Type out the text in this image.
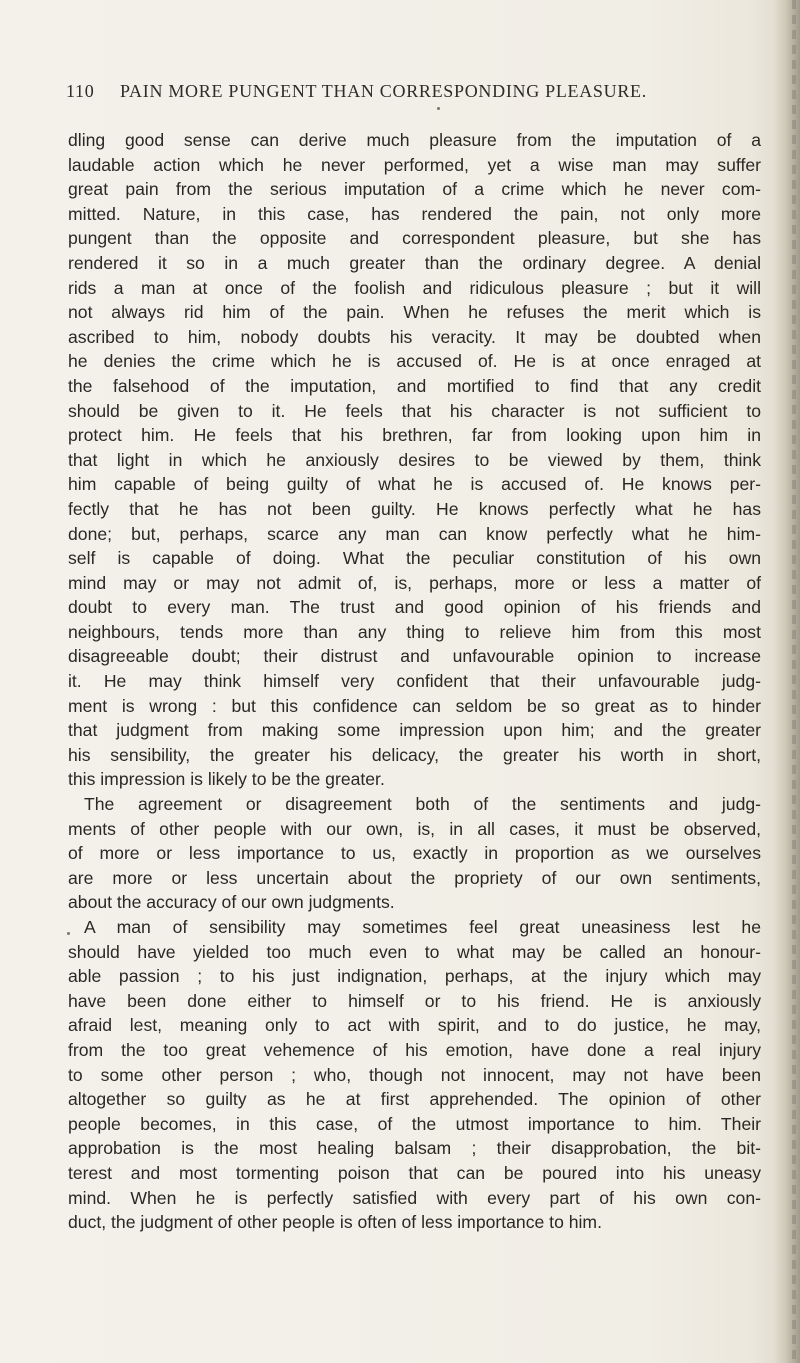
110 PAIN MORE PUNGENT THAN CORRESPONDING PLEASURE.
dling good sense can derive much pleasure from the imputation of a
laudable action which he never performed, yet a wise man may suffer
great pain from the serious imputation of a crime which he never com-
mitted. Nature, in this case, has rendered the pain, not only more
pungent than the opposite and correspondent pleasure, but she has
rendered it so in a much greater than the ordinary degree. A denial
rids a man at once of the foolish and ridiculous pleasure ; but it will
not always rid him of the pain. When he refuses the merit which is
ascribed to him, nobody doubts his veracity. It may be doubted when
he denies the crime which he is accused of. He is at once enraged at
the falsehood of the imputation, and mortified to find that any credit
should be given to it. He feels that his character is not sufficient to
protect him. He feels that his brethren, far from looking upon him in
that light in which he anxiously desires to be viewed by them, think
him capable of being guilty of what he is accused of. He knows per-
fectly that he has not been guilty. He knows perfectly what he has
done; but, perhaps, scarce any man can know perfectly what he him-
self is capable of doing. What the peculiar constitution of his own
mind may or may not admit of, is, perhaps, more or less a matter of
doubt to every man. The trust and good opinion of his friends and
neighbours, tends more than any thing to relieve him from this most
disagreeable doubt; their distrust and unfavourable opinion to increase
it. He may think himself very confident that their unfavourable judg-
ment is wrong : but this confidence can seldom be so great as to hinder
that judgment from making some impression upon him; and the greater
his sensibility, the greater his delicacy, the greater his worth in short,
this impression is likely to be the greater.
The agreement or disagreement both of the sentiments and judg-
ments of other people with our own, is, in all cases, it must be observed,
of more or less importance to us, exactly in proportion as we ourselves
are more or less uncertain about the propriety of our own sentiments,
about the accuracy of our own judgments.
A man of sensibility may sometimes feel great uneasiness lest he
should have yielded too much even to what may be called an honour-
able passion ; to his just indignation, perhaps, at the injury which may
have been done either to himself or to his friend. He is anxiously
afraid lest, meaning only to act with spirit, and to do justice, he may,
from the too great vehemence of his emotion, have done a real injury
to some other person ; who, though not innocent, may not have been
altogether so guilty as he at first apprehended. The opinion of other
people becomes, in this case, of the utmost importance to him. Their
approbation is the most healing balsam ; their disapprobation, the bit-
terest and most tormenting poison that can be poured into his uneasy
mind. When he is perfectly satisfied with every part of his own con-
duct, the judgment of other people is often of less importance to him.
